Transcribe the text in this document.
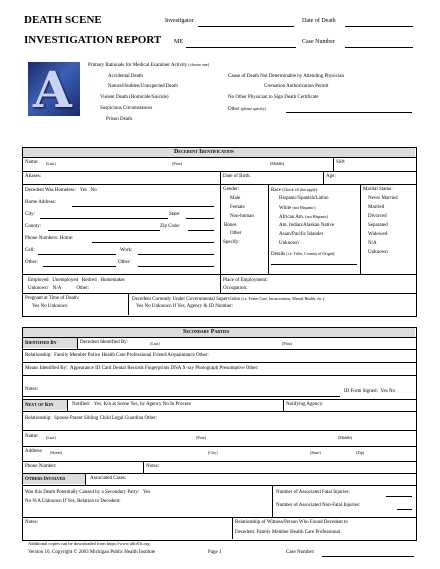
DEATH SCENE
INVESTIGATION REPORT
Investigator	Date of Death
ME	Case Number
A	Primary Rationale for Medical Examiner Activity (choose one)
Accidental Death
Natural/Sudden/Unexpected Death
Violent Death (Homicide/Suicide)
Suspicious Circumstances
Prison Death
Cause of Death Not Determinable by Attending Physician
Cremation Authorization Permit
No Other Physician to Sign Death Certificate
Other (please specify)
Decedent Identification
Name: (Last)	(First)	(Middle)	SS#:
Aliases:	Date of Birth:	Age:
Decedent Was Homeless: Yes No
Home Address:
City:	State:
County:	Zip Code:
Phone Numbers: Home:
Cell:	Work:
Other:	Other:
Gender:
Male
Female
Non-human
Bones
Other
Specify:
Race (Check all that apply):
Hispanic/Spanish/Latino
White (not Hispanic)
African Am. (not Hispanic)
Am. Indian/Alaskan Native
Asian/Pacific Islander
Unknown
Details (i.e. Tribe, Country of Origin):
Marital Status:
Never Married
Married
Divorced
Separated
Widowed
N/A
Unknown
Employed Unemployed Retired Homemaker
Unknown N/A	Other:
Place of Employment:
Occupation:
Pregnant at Time of Death:
Yes No Unknown
Decedent Currently Under Governmental Supervision (i.e. Foster Care, Incarceration, Mental Health, etc.)
Yes No Unknown If Yes, Agency & ID Number:
Secondary Parties
Identified By	Decedent Identified By:	(Last)	(First)
Relationship: Family Member Police Health Care Professional Friend/Acquaintance Other:
Means Identified By: Appearance ID Card Dental Records Fingerprints DNA X-ray Photograph Presumptive Other:
Notes:	ID Form Signed: Yes No
Next of Kin	Notified: Yes, Kin at Scene Yes, by Agency No In Process	Notifying Agency:
Relationship: Spouse Parent Sibling Child Legal Guardian Other:
Name: (Last)	(First)	(Middle)
Address: (Street)	(City)	(State)	(Zip)
Phone Number:	Notes:
Others Involved	Associated Cases:
Was this Death Potentially Caused by a Secondary Party: Yes
No N/A Unknown If Yes, Relation to Decedent:
Number of Associated Fatal Injuries:
Number of Associated Non-Fatal Injuries:
Notes:	Relationship of Witness/Person Who Found Decedent to
Decedent: Family Member Health Care Professional
Additional copies can be downloaded from https://www.allcells.org
Version 10, Copyright © 2003 Michigan Public Health Institute	Page 1	Case Number:
